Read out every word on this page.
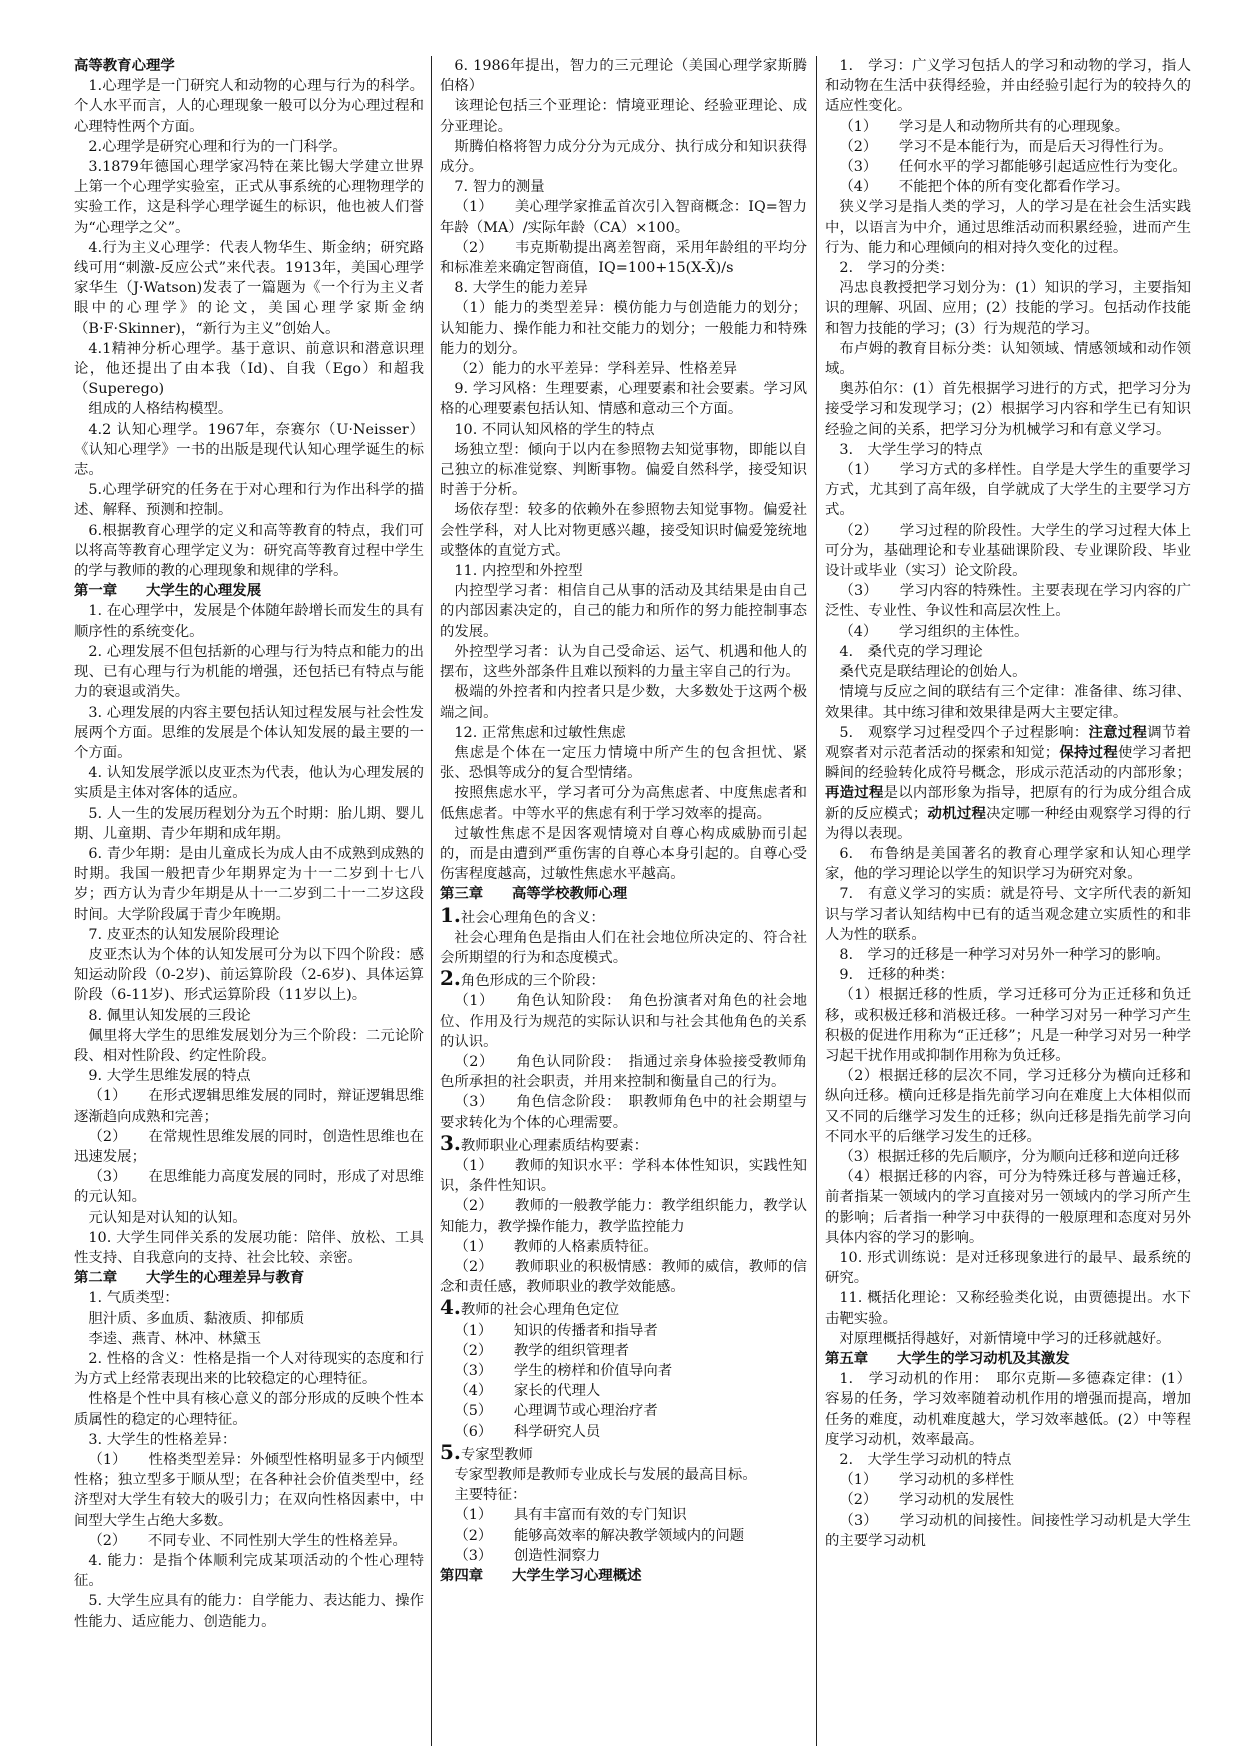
高等教育心理学

1.心理学是一门研究人和动物的心理与行为的科学。个人水平而言，人的心理现象一般可以分为心理过程和心理特性两个方面。

2.心理学是研究心理和行为的一门科学。

3.1879年德国心理学家冯特在莱比锡大学建立世界上第一个心理学实验室，正式从事系统的心理物理学的实验工作，这是科学心理学诞生的标识，他也被人们誉为“心理学之父”。

4.行为主义心理学：代表人物华生、斯金纳；研究路线可用“刺激-反应公式”来代表。1913年，美国心理学家华生（J·Watson)发表了一篇题为《一个行为主义者眼中的心理学》的论文，美国心理学家斯金纳（B·F·Skinner)，“新行为主义”创始人。

4.1精神分析心理学。基于意识、前意识和潜意识理论，他还提出了由本我（Id)、自我（Ego）和超我（Superego)

组成的人格结构模型。

4.2 认知心理学。1967年，奈赛尔（U·Neisser）《认知心理学》一书的出版是现代认知心理学诞生的标志。

5.心理学研究的任务在于对心理和行为作出科学的描述、解释、预测和控制。

6.根据教育心理学的定义和高等教育的特点，我们可以将高等教育心理学定义为：研究高等教育过程中学生的学与教师的教的心理现象和规律的学科。

第一章　　大学生的心理发展

1. 在心理学中，发展是个体随年龄增长而发生的具有顺序性的系统变化。

2. 心理发展不但包括新的心理与行为特点和能力的出现、已有心理与行为机能的增强，还包括已有特点与能力的衰退或消失。

3. 心理发展的内容主要包括认知过程发展与社会性发展两个方面。思维的发展是个体认知发展的最主要的一个方面。

4. 认知发展学派以皮亚杰为代表，他认为心理发展的实质是主体对客体的适应。

5. 人一生的发展历程划分为五个时期：胎儿期、婴儿期、儿童期、青少年期和成年期。

6. 青少年期：是由儿童成长为成人由不成熟到成熟的时期。我国一般把青少年期界定为十一二岁到十七八岁；西方认为青少年期是从十一二岁到二十一二岁这段时间。大学阶段属于青少年晚期。

7. 皮亚杰的认知发展阶段理论

皮亚杰认为个体的认知发展可分为以下四个阶段：感知运动阶段（0-2岁)、前运算阶段（2-6岁)、具体运算阶段（6-11岁)、形式运算阶段（11岁以上)。

8. 佩里认知发展的三段论

佩里将大学生的思维发展划分为三个阶段：二元论阶段、相对性阶段、约定性阶段。

9. 大学生思维发展的特点

（1）　　在形式逻辑思维发展的同时，辩证逻辑思维逐渐趋向成熟和完善；

（2）　　在常规性思维发展的同时，创造性思维也在迅速发展；

（3）　　在思维能力高度发展的同时，形成了对思维的元认知。

元认知是对认知的认知。

10. 大学生同伴关系的发展功能：陪伴、放松、工具性支持、自我意向的支持、社会比较、亲密。

第二章　　大学生的心理差异与教育

1. 气质类型：

胆汁质、多血质、黏液质、抑郁质

李逵、燕青、林冲、林黛玉

2. 性格的含义：性格是指一个人对待现实的态度和行为方式上经常表现出来的比较稳定的心理特征。

性格是个性中具有核心意义的部分形成的反映个性本质属性的稳定的心理特征。

3. 大学生的性格差异：

（1）　　性格类型差异：外倾型性格明显多于内倾型性格；独立型多于顺从型；在各种社会价值类型中，经济型对大学生有较大的吸引力；在双向性格因素中，中间型大学生占绝大多数。

（2）　　不同专业、不同性别大学生的性格差异。

4. 能力：是指个体顺利完成某项活动的个性心理特征。

5. 大学生应具有的能力：自学能力、表达能力、操作性能力、适应能力、创造能力。

6. 1986年提出，智力的三元理论（美国心理学家斯腾伯格）

该理论包括三个亚理论：情境亚理论、经验亚理论、成分亚理论。

斯腾伯格将智力成分分为元成分、执行成分和知识获得成分。

7. 智力的测量

（1）　　美心理学家推孟首次引入智商概念：IQ=智力年龄（MA）/实际年龄（CA）×100。

（2）　　韦克斯勒提出离差智商，采用年龄组的平均分和标准差来确定智商值，IQ=100+15(X-X̄)/s

8. 大学生的能力差异

（1）能力的类型差异：模仿能力与创造能力的划分；认知能力、操作能力和社交能力的划分；一般能力和特殊能力的划分。

（2）能力的水平差异：学科差异、性格差异

9. 学习风格：生理要素，心理要素和社会要素。学习风格的心理要素包括认知、情感和意动三个方面。

10. 不同认知风格的学生的特点

场独立型：倾向于以内在参照物去知觉事物，即能以自己独立的标准觉察、判断事物。偏爱自然科学，接受知识时善于分析。

场依存型：较多的依赖外在参照物去知觉事物。偏爱社会性学科，对人比对物更感兴趣，接受知识时偏爱笼统地或整体的直觉方式。

11. 内控型和外控型

内控型学习者：相信自己从事的活动及其结果是由自己的内部因素决定的，自己的能力和所作的努力能控制事态的发展。

外控型学习者：认为自己受命运、运气、机遇和他人的摆布，这些外部条件且难以预料的力量主宰自己的行为。

极端的外控者和内控者只是少数，大多数处于这两个极端之间。

12. 正常焦虑和过敏性焦虑

焦虑是个体在一定压力情境中所产生的包含担忧、紧张、恐惧等成分的复合型情绪。

按照焦虑水平，学习者可分为高焦虑者、中度焦虑者和低焦虑者。中等水平的焦虑有利于学习效率的提高。

过敏性焦虑不是因客观情境对自尊心构成威胁而引起的，而是由遭到严重伤害的自尊心本身引起的。自尊心受伤害程度越高，过敏性焦虑水平越高。

第三章　　高等学校教师心理

1.社会心理角色的含义：

社会心理角色是指由人们在社会地位所决定的、符合社会所期望的行为和态度模式。

2.角色形成的三个阶段：

（1）　　角色认知阶段：　角色扮演者对角色的社会地位、作用及行为规范的实际认识和与社会其他角色的关系的认识。

（2）　　角色认同阶段：　指通过亲身体验接受教师角色所承担的社会职责，并用来控制和衡量自己的行为。

（3）　　角色信念阶段：　职教师角色中的社会期望与要求转化为个体的心理需要。

3.教师职业心理素质结构要素：

（1）　　教师的知识水平：学科本体性知识，实践性知识，条件性知识。

（2）　　教师的一般教学能力：教学组织能力，教学认知能力，教学操作能力，教学监控能力

（1）　　教师的人格素质特征。

（2）　　教师职业的积极情感：教师的威信，教师的信念和责任感，教师职业的教学效能感。

4.教师的社会心理角色定位

（1）　　知识的传播者和指导者

（2）　　教学的组织管理者

（3）　　学生的榜样和价值导向者

（4）　　家长的代理人

（5）　　心理调节或心理治疗者

（6）　　科学研究人员

5.专家型教师

专家型教师是教师专业成长与发展的最高目标。

主要特征：

（1）　　具有丰富而有效的专门知识

（2）　　能够高效率的解决教学领域内的问题

（3）　　创造性洞察力

第四章　　大学生学习心理概述

1.　学习：广义学习包括人的学习和动物的学习，指人和动物在生活中获得经验，并由经验引起行为的较持久的适应性变化。

（1）　　学习是人和动物所共有的心理现象。

（2）　　学习不是本能行为，而是后天习得性行为。

（3）　　任何水平的学习都能够引起适应性行为变化。

（4）　　不能把个体的所有变化都看作学习。

狭义学习是指人类的学习，人的学习是在社会生活实践中，以语言为中介，通过思维活动而积累经验，进而产生行为、能力和心理倾向的相对持久变化的过程。

2.　学习的分类：

冯忠良教授把学习划分为：(1）知识的学习，主要指知识的理解、巩固、应用；(2）技能的学习。包括动作技能和智力技能的学习；(3）行为规范的学习。

布卢姆的教育目标分类：认知领域、情感领域和动作领域。

奥苏伯尔：(1）首先根据学习进行的方式，把学习分为接受学习和发现学习；(2）根据学习内容和学生已有知识经验之间的关系，把学习分为机械学习和有意义学习。

3.　大学生学习的特点

（1）　　学习方式的多样性。自学是大学生的重要学习方式，尤其到了高年级，自学就成了大学生的主要学习方式。

（2）　　学习过程的阶段性。大学生的学习过程大体上可分为，基础理论和专业基础课阶段、专业课阶段、毕业设计或毕业（实习）论文阶段。

（3）　　学习内容的特殊性。主要表现在学习内容的广泛性、专业性、争议性和高层次性上。

（4）　　学习组织的主体性。

4.　桑代克的学习理论

桑代克是联结理论的创始人。

情境与反应之间的联结有三个定律：准备律、练习律、效果律。其中练习律和效果律是两大主要定律。

5.　观察学习过程受四个子过程影响：注意过程调节着观察者对示范者活动的探索和知觉；保持过程使学习者把瞬间的经验转化成符号概念，形成示范活动的内部形象；再造过程是以内部形象为指导，把原有的行为成分组合成新的反应模式；动机过程决定哪一种经由观察学习得的行为得以表现。

6.　布鲁纳是美国著名的教育心理学家和认知心理学家，他的学习理论以学生的知识学习为研究对象。

7.　有意义学习的实质：就是符号、文字所代表的新知识与学习者认知结构中已有的适当观念建立实质性的和非人为性的联系。

8.　学习的迁移是一种学习对另外一种学习的影响。

9.　迁移的种类：

（1）根据迁移的性质，学习迁移可分为正迁移和负迁移，或积极迁移和消极迁移。一种学习对另一种学习产生积极的促进作用称为“正迁移”；凡是一种学习对另一种学习起干扰作用或抑制作用称为负迁移。

（2）根据迁移的层次不同，学习迁移分为横向迁移和纵向迁移。横向迁移是指先前学习向在难度上大体相似而又不同的后继学习发生的迁移；纵向迁移是指先前学习向不同水平的后继学习发生的迁移。

（3）根据迁移的先后顺序，分为顺向迁移和逆向迁移

（4）根据迁移的内容，可分为特殊迁移与普遍迁移，前者指某一领域内的学习直接对另一领域内的学习所产生的影响；后者指一种学习中获得的一般原理和态度对另外具体内容的学习的影响。

10. 形式训练说：是对迁移现象进行的最早、最系统的研究。

11. 概括化理论：又称经验类化说，由贾德提出。水下击靶实验。

对原理概括得越好，对新情境中学习的迁移就越好。

第五章　　大学生的学习动机及其激发

1.　学习动机的作用：　耶尔克斯—多德森定律：(1）容易的任务，学习效率随着动机作用的增强而提高，增加任务的难度，动机难度越大，学习效率越低。(2）中等程度学习动机，效率最高。

2.　大学生学习动机的特点

（1）　　学习动机的多样性

（2）　　学习动机的发展性

（3）　　学习动机的间接性。间接性学习动机是大学生的主要学习动机
